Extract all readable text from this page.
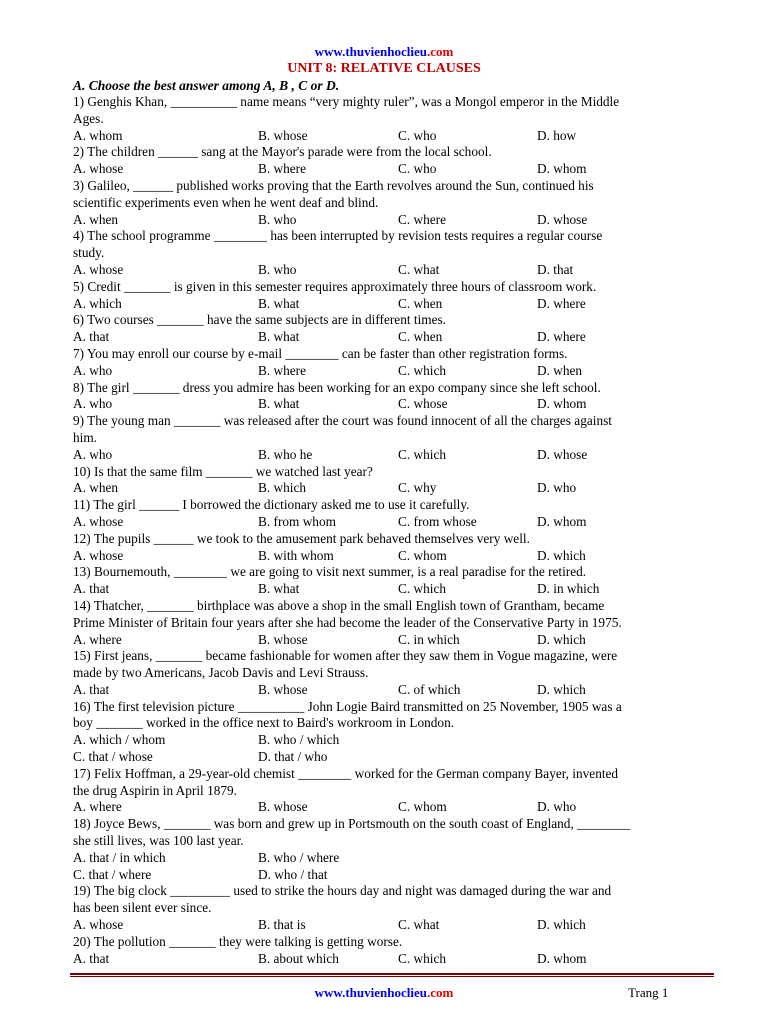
www.thuvienhoclieu.com
UNIT 8: RELATIVE CLAUSES
A. Choose the best answer among A, B , C or D.
1) Genghis Khan, __________ name means “very mighty ruler”, was a Mongol emperor in the Middle
Ages.
A. whom	B. whose	C. who	D. how
2) The children ______ sang at the Mayor's parade were from the local school.
A. whose	B. where	C. who	D. whom
3) Galileo, ______ published works proving that the Earth revolves around the Sun, continued his
scientific experiments even when he went deaf and blind.
A. when	B. who	C. where	D. whose
4) The school programme ________ has been interrupted by revision tests requires a regular course
study.
A. whose	B. who	C. what	D. that
5) Credit _______ is given in this semester requires approximately three hours of classroom work.
A. which	B. what	C. when	D. where
6) Two courses _______ have the same subjects are in different times.
A. that	B. what	C. when	D. where
7) You may enroll our course by e-mail ________ can be faster than other registration forms.
A. who	B. where	C. which	D. when
8) The girl _______ dress you admire has been working for an expo company since she left school.
A. who	B. what	C. whose	D. whom
9) The young man _______ was released after the court was found innocent of all the charges against
him.
A. who	B. who he	C. which	D. whose
10) Is that the same film _______ we watched last year?
A. when	B. which	C. why	D. who
11) The girl ______ I borrowed the dictionary asked me to use it carefully.
A. whose	B. from whom	C. from whose	D. whom
12) The pupils ______ we took to the amusement park behaved themselves very well.
A. whose	B. with whom	C. whom	D. which
13) Bournemouth, ________ we are going to visit next summer, is a real paradise for the retired.
A. that	B. what	C. which	D. in which
14) Thatcher, _______ birthplace was above a shop in the small English town of Grantham, became
Prime Minister of Britain four years after she had become the leader of the Conservative Party in 1975.
A. where	B. whose	C. in which	D. which
15) First jeans, _______ became fashionable for women after they saw them in Vogue magazine, were
made by two Americans, Jacob Davis and Levi Strauss.
A. that	B. whose	C. of which	D. which
16) The first television picture __________ John Logie Baird transmitted on 25 November, 1905 was a
boy _______ worked in the office next to Baird's workroom in London.
A. which / whom	B. who / which
C. that / whose	D. that / who
17) Felix Hoffman, a 29-year-old chemist ________ worked for the German company Bayer, invented
the drug Aspirin in April 1879.
A. where	B. whose	C. whom	D. who
18) Joyce Bews, _______ was born and grew up in Portsmouth on the south coast of England, ________
she still lives, was 100 last year.
A. that / in which	B. who / where
C. that / where	D. who / that
19) The big clock _________ used to strike the hours day and night was damaged during the war and
has been silent ever since.
A. whose	B. that is	C. what	D. which
20) The pollution _______ they were talking is getting worse.
A. that	B. about which	C. which	D. whom
www.thuvienhoclieu.com	Trang 1
